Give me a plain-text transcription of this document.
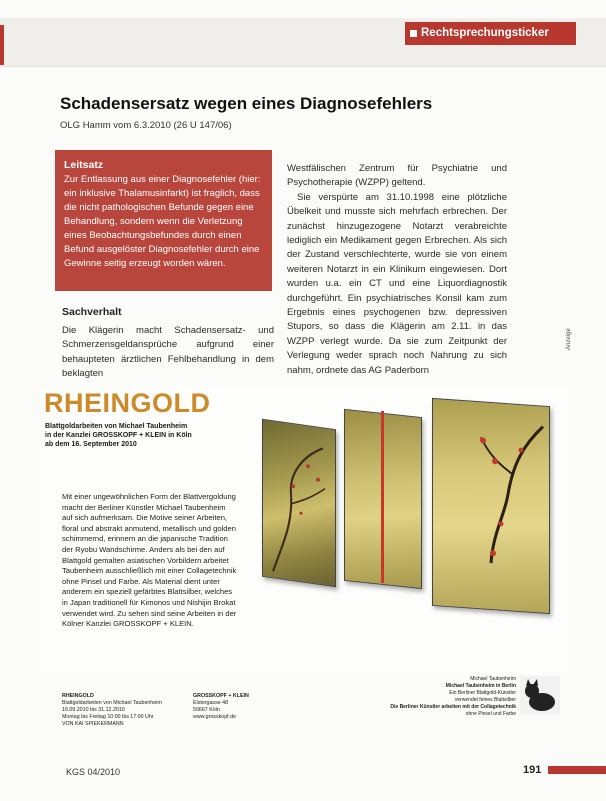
Rechtsprechungsticker
Schadensersatz wegen eines Diagnosefehlers
OLG Hamm vom 6.3.2010 (26 U 147/06)
Leitsatz
Zur Entlassung aus einer Diagnosefehler (hier: ein inklusive Thalamusinfarkt) ist fraglich, dass die nicht pathologischen Befunde gegen eine Behandlung, sondern wenn die Verletzung eines Beobachtungsbefundes durch einen Befund ausgelöster Diagnosefehler durch eine Gewinne seitig erzeugt worden wären.
Sachverhalt
Die Klägerin macht Schadensersatz- und Schmerzensgeldansprüche aufgrund einer behaupteten ärztlichen Fehlbehandlung in dem beklagten

Westfälischen Zentrum für Psychiatrie und Psychotherapie (WZPP) geltend.

Sie verspürte am 31.10.1998 eine plötzliche Übelkeit und musste sich mehrfach erbrechen. Der zunächst hinzugezogene Notarzt verabreichte lediglich ein Medikament gegen Erbrechen. Als sich der Zustand verschlechterte, wurde sie von einem weiteren Notarzt in ein Klinikum eingewiesen. Dort wurden u.a. ein CT und eine Liquordiagnostik durchgeführt. Ein psychiatrisches Konsil kam zum Ergebnis eines psychogenen bzw. depressiven Stupors, so dass die Klägerin am 2.11. in das WZPP verlegt wurde. Da sie zum Zeitpunkt der Verlegung weder sprach noch Nahrung zu sich nahm, ordnete das AG Paderborn

Anzeige
RHEINGOLD
Blattgoldarbeiten von Michael Taubenheim
in der Kanzlei GROSSKOPF + KLEIN in Köln
ab dem 16. September 2010
Mit einer ungewöhnlichen Form der Blattvergoldung macht der Berliner Künstler Michael Taubenheim auf sich aufmerksam. Die Motive seiner Arbeiten, floral und abstrakt anmutend, metallisch und golden schimmernd, erinnern an die japanische Tradition der Ryobu Wandschirme. Anders als bei den auf Blattgold gemalten asiatischen Vorbildern arbeitet Taubenheim ausschließlich mit einer Collagetechnik ohne Pinsel und Farbe. Als Material dient unter anderem ein speziell gefärbtes Blattsilber, welches in Japan traditionell für Kimonos und Nishijin Brokat verwendet wird. Zu sehen sind seine Arbeiten in der Kölner Kanzlei GROSSKOPF + KLEIN.
RHEINGOLD
Blattgoldarbeiten von Michael Taubenheim
16.09.2010 bis 31.12.2010
Montag bis Freitag 10:00 bis 17:00 Uhr
VON KAI SPIEKERMANN
GROSSKOPF + KLEIN
Elstergasse 48
50667 Köln
www.grosskopf.de
Michael Taubenheim
Michael Taubenheim in Berlin
Ein Berliner Blattgold-Künstler
verwendet feines Blattsilber
Die Berliner Künstler arbeiten mit der Collagetechnik
ohne Pinsel und Farbe
KGS 04/2010	191
